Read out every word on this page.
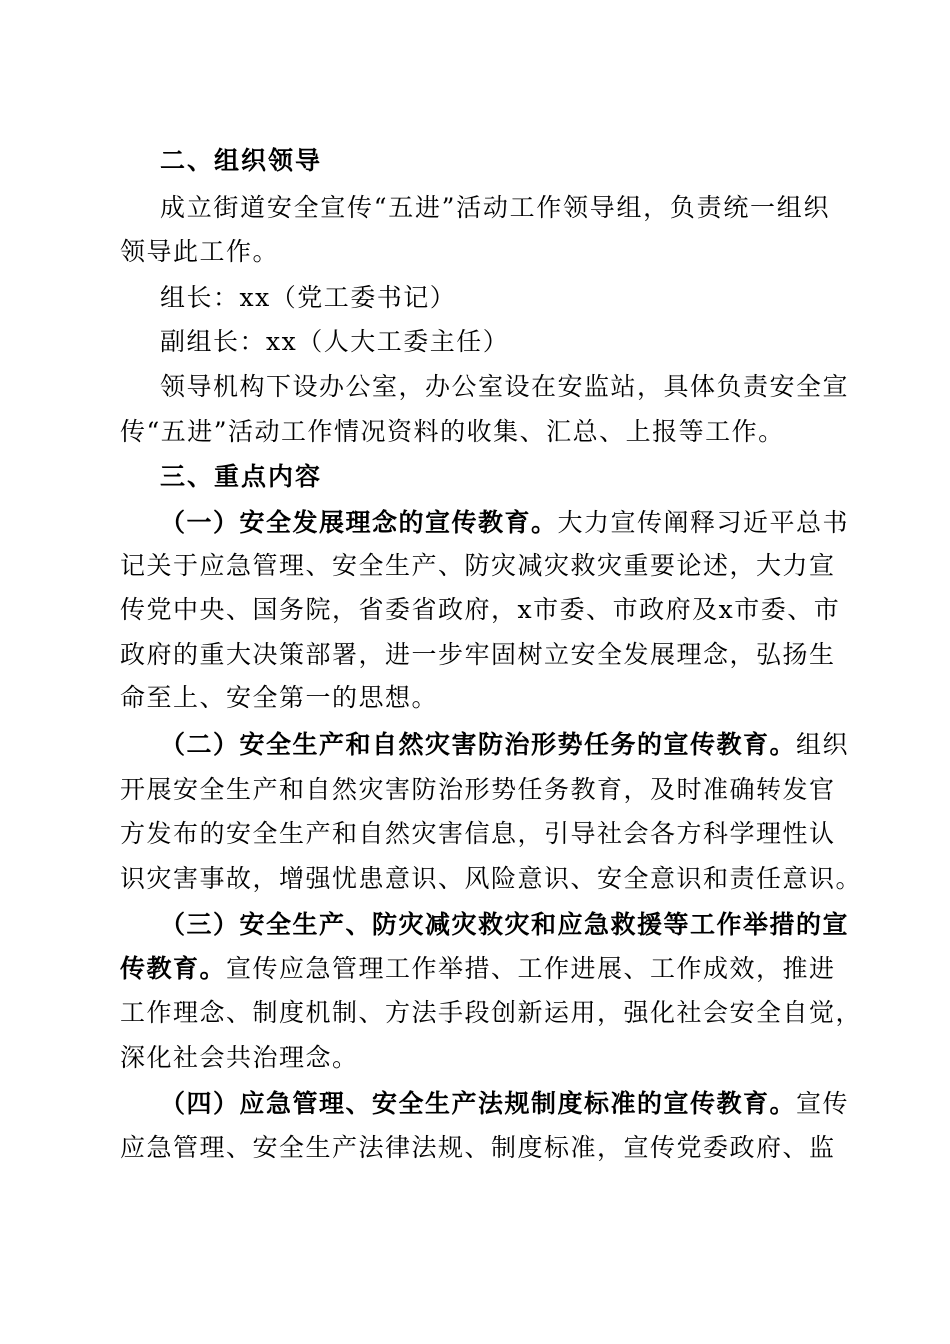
二、组织领导
成立街道安全宣传“五进”活动工作领导组，负责统一组织
领导此工作。
组长：xx（党工委书记）
副组长：xx（人大工委主任）
领导机构下设办公室，办公室设在安监站，具体负责安全宣
传“五进”活动工作情况资料的收集、汇总、上报等工作。
三、重点内容
（一）安全发展理念的宣传教育。大力宣传阐释习近平总书
记关于应急管理、安全生产、防灾减灾救灾重要论述，大力宣
传党中央、国务院，省委省政府，x市委、市政府及x市委、市
政府的重大决策部署，进一步牢固树立安全发展理念，弘扬生
命至上、安全第一的思想。
（二）安全生产和自然灾害防治形势任务的宣传教育。组织
开展安全生产和自然灾害防治形势任务教育，及时准确转发官
方发布的安全生产和自然灾害信息，引导社会各方科学理性认
识灾害事故，增强忧患意识、风险意识、安全意识和责任意识。
（三）安全生产、防灾减灾救灾和应急救援等工作举措的宣
传教育。宣传应急管理工作举措、工作进展、工作成效，推进
工作理念、制度机制、方法手段创新运用，强化社会安全自觉，
深化社会共治理念。
（四）应急管理、安全生产法规制度标准的宣传教育。宣传
应急管理、安全生产法律法规、制度标准，宣传党委政府、监
